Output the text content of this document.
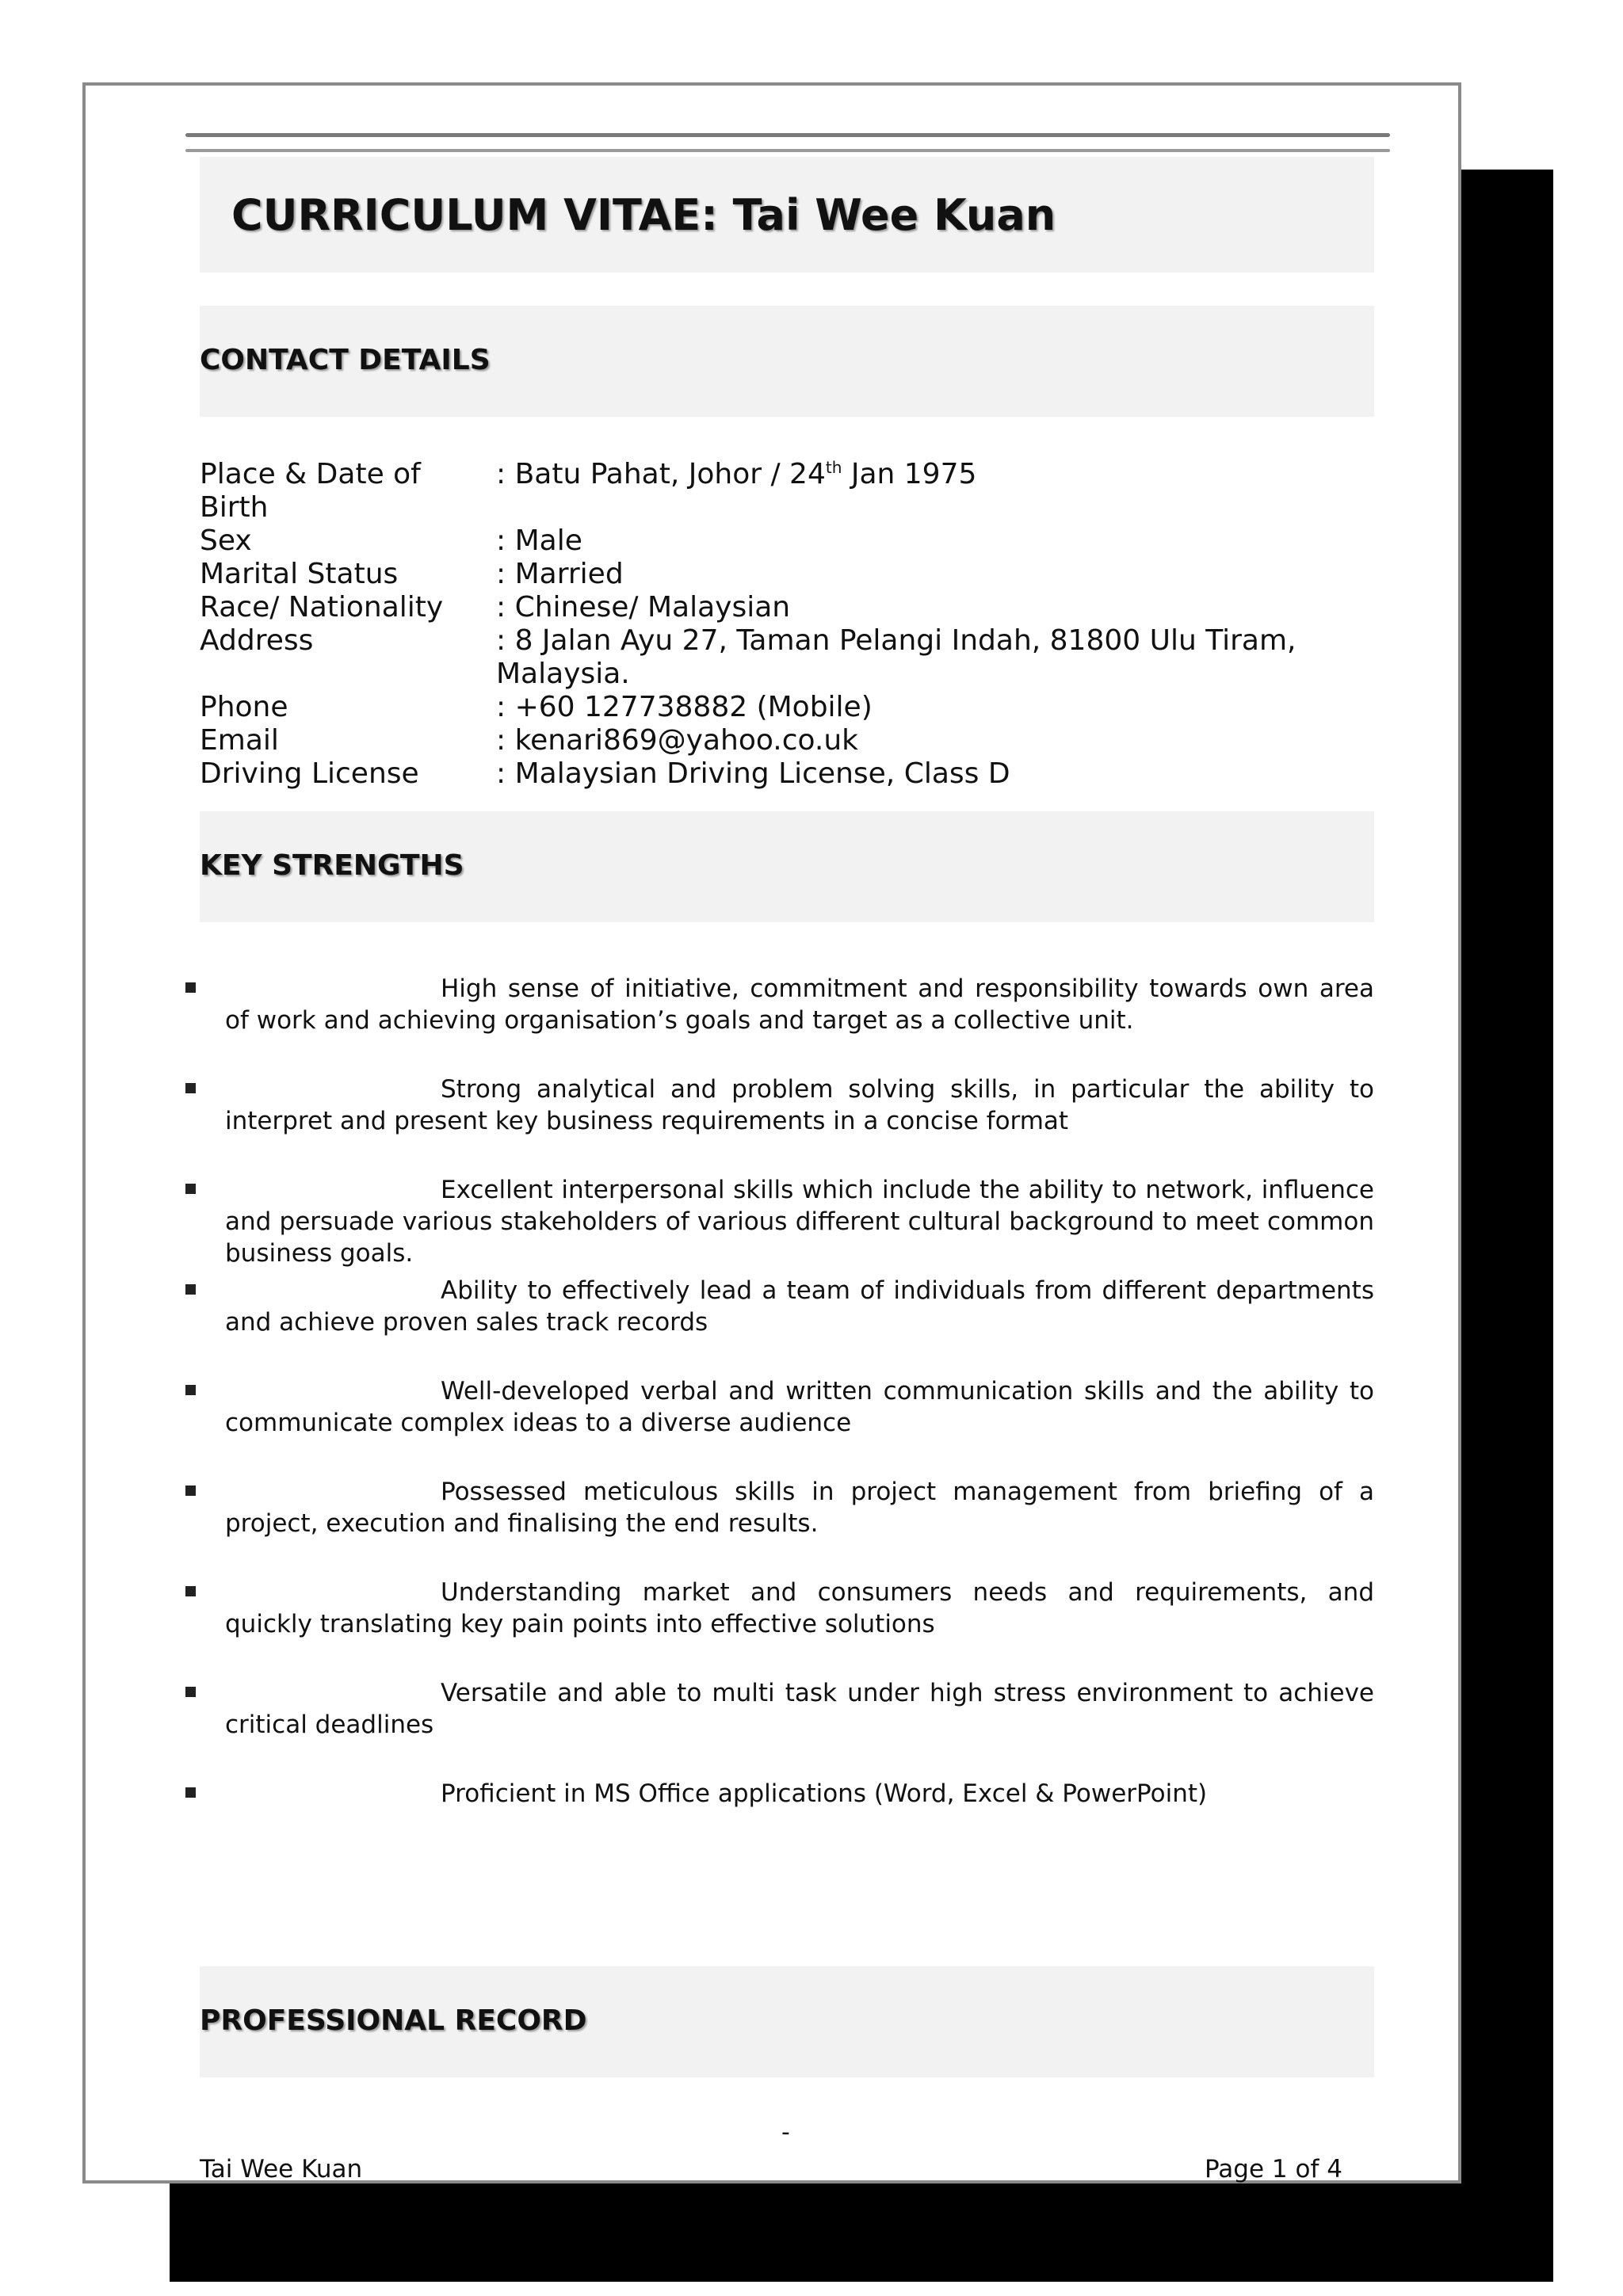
CURRICULUM VITAE: Tai Wee Kuan
CONTACT DETAILS
Place & Date of Birth
: Batu Pahat, Johor / 24th Jan 1975
Sex	: Male
Marital Status	: Married
Race/ Nationality	: Chinese/ Malaysian
Address	: 8 Jalan Ayu 27, Taman Pelangi Indah, 81800 Ulu Tiram,
Malaysia.
Phone	: +60 127738882 (Mobile)
Email	: kenari869@yahoo.co.uk
Driving License	: Malaysian Driving License, Class D
KEY STRENGTHS
High sense of initiative, commitment and responsibility towards own area of work and achieving organisation’s goals and target as a collective unit.
Strong analytical and problem solving skills, in particular the ability to interpret and present key business requirements in a concise format
Excellent interpersonal skills which include the ability to network, influence and persuade various stakeholders of various different cultural background to meet common business goals.
Ability to effectively lead a team of individuals from different departments and achieve proven sales track records
Well-developed verbal and written communication skills and the ability to communicate complex ideas to a diverse audience
Possessed meticulous skills in project management from briefing of a project, execution and finalising the end results.
Understanding market and consumers needs and requirements, and quickly translating key pain points into effective solutions
Versatile and able to multi task under high stress environment to achieve critical deadlines
Proficient in MS Office applications (Word, Excel & PowerPoint)
PROFESSIONAL RECORD
-
Tai Wee Kuan	Page 1 of 4
